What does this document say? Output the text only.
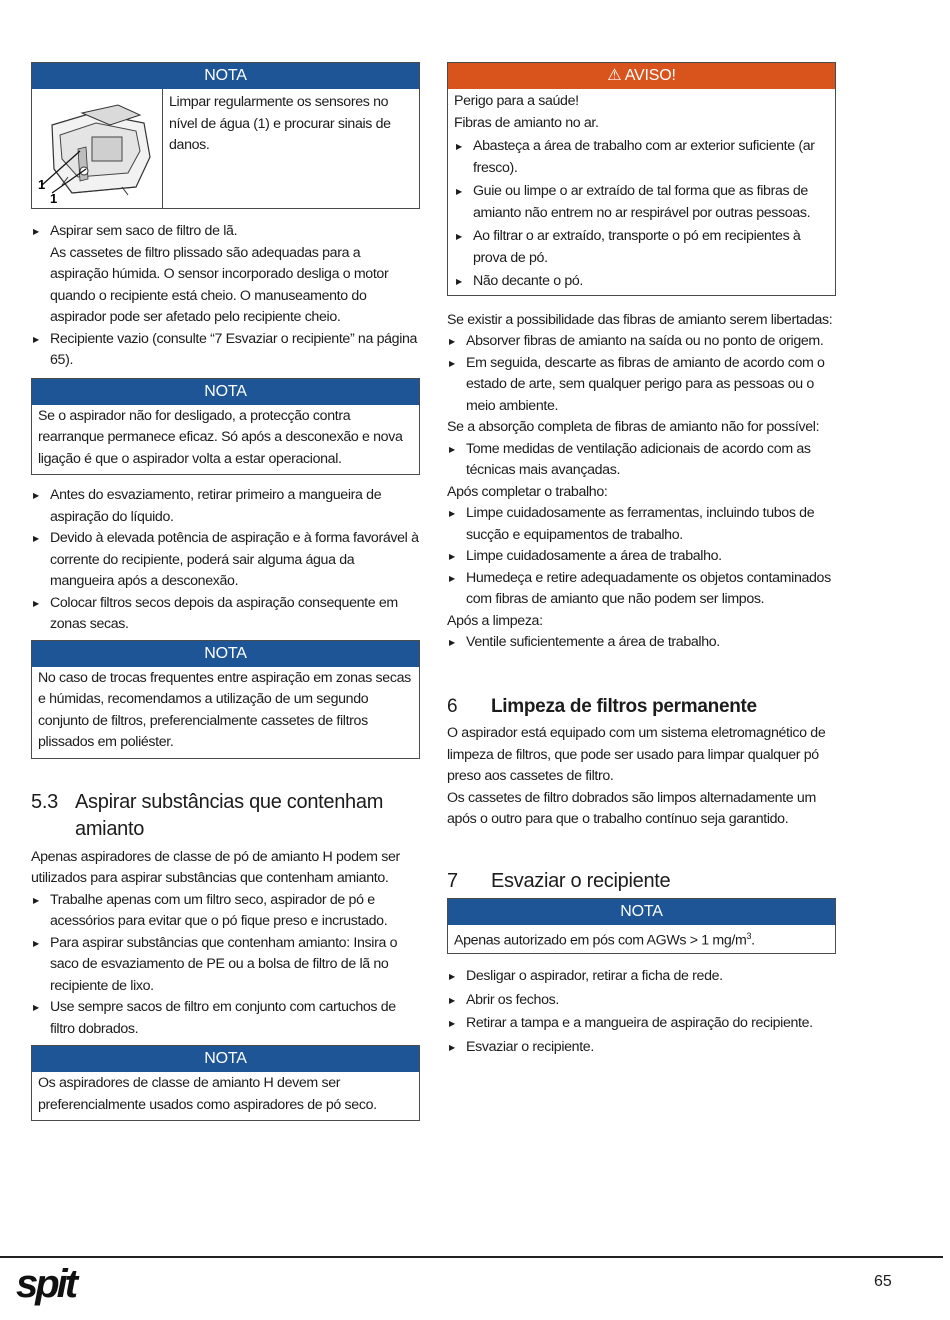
NOTA
1
1
Limpar regularmente os sensores no nível de água (1) e procurar sinais de danos.
▶ Aspirar sem saco de filtro de lã.

As cassetes de filtro plissado são adequadas para a aspiração húmida. O sensor incorporado desliga o motor quando o recipiente está cheio. O manuseamento do aspirador pode ser afetado pelo recipiente cheio.

▶ Recipiente vazio (consulte “7 Esvaziar o recipiente” na página 65).
NOTA
Se o aspirador não for desligado, a protecção contra rearranque permanece eficaz. Só após a desconexão e nova ligação é que o aspirador volta a estar operacional.
▶ Antes do esvaziamento, retirar primeiro a mangueira de aspiração do líquido.
▶ Devido à elevada potência de aspiração e à forma favorável à corrente do recipiente, poderá sair alguma água da mangueira após a desconexão.
▶ Colocar filtros secos depois da aspiração consequente em zonas secas.
NOTA
No caso de trocas frequentes entre aspiração em zonas secas e húmidas, recomendamos a utilização de um segundo conjunto de filtros, preferencialmente cassetes de filtros plissados em poliéster.
5.3 Aspirar substâncias que contenham amianto

Apenas aspiradores de classe de pó de amianto H podem ser utilizados para aspirar substâncias que contenham amianto.

▶ Trabalhe apenas com um filtro seco, aspirador de pó e acessórios para evitar que o pó fique preso e incrustado.
▶ Para aspirar substâncias que contenham amianto: Insira o saco de esvaziamento de PE ou a bolsa de filtro de lã no recipiente de lixo.
▶ Use sempre sacos de filtro em conjunto com cartuchos de filtro dobrados.
NOTA
Os aspiradores de classe de amianto H devem ser preferencialmente usados como aspiradores de pó seco.
⚠ AVISO!

Perigo para a saúde!

Fibras de amianto no ar.

▶ Abasteça a área de trabalho com ar exterior suficiente (ar fresco).
▶ Guie ou limpe o ar extraído de tal forma que as fibras de amianto não entrem no ar respirável por outras pessoas.
▶ Ao filtrar o ar extraído, transporte o pó em recipientes à prova de pó.
▶ Não decante o pó.

Se existir a possibilidade das fibras de amianto serem libertadas:

▶ Absorver fibras de amianto na saída ou no ponto de origem.
▶ Em seguida, descarte as fibras de amianto de acordo com o estado de arte, sem qualquer perigo para as pessoas ou o meio ambiente.

Se a absorção completa de fibras de amianto não for possível:

▶ Tome medidas de ventilação adicionais de acordo com as técnicas mais avançadas.

Após completar o trabalho:

▶ Limpe cuidadosamente as ferramentas, incluindo tubos de sucção e equipamentos de trabalho.
▶ Limpe cuidadosamente a área de trabalho.
▶ Humedeça e retire adequadamente os objetos contaminados com fibras de amianto que não podem ser limpos.

Após a limpeza:

▶ Ventile suficientemente a área de trabalho.
6	Limpeza de filtros permanente

O aspirador está equipado com um sistema eletromagnético de limpeza de filtros, que pode ser usado para limpar qualquer pó preso aos cassetes de filtro.

Os cassetes de filtro dobrados são limpos alternadamente um após o outro para que o trabalho contínuo seja garantido.

7	Esvaziar o recipiente
NOTA
Apenas autorizado em pós com AGWs > 1 $mg/m^3$.
▶ Desligar o aspirador, retirar a ficha de rede.
▶ Abrir os fechos.
▶ Retirar a tampa e a mangueira de aspiração do recipiente.
▶ Esvaziar o recipiente.
spit	65
